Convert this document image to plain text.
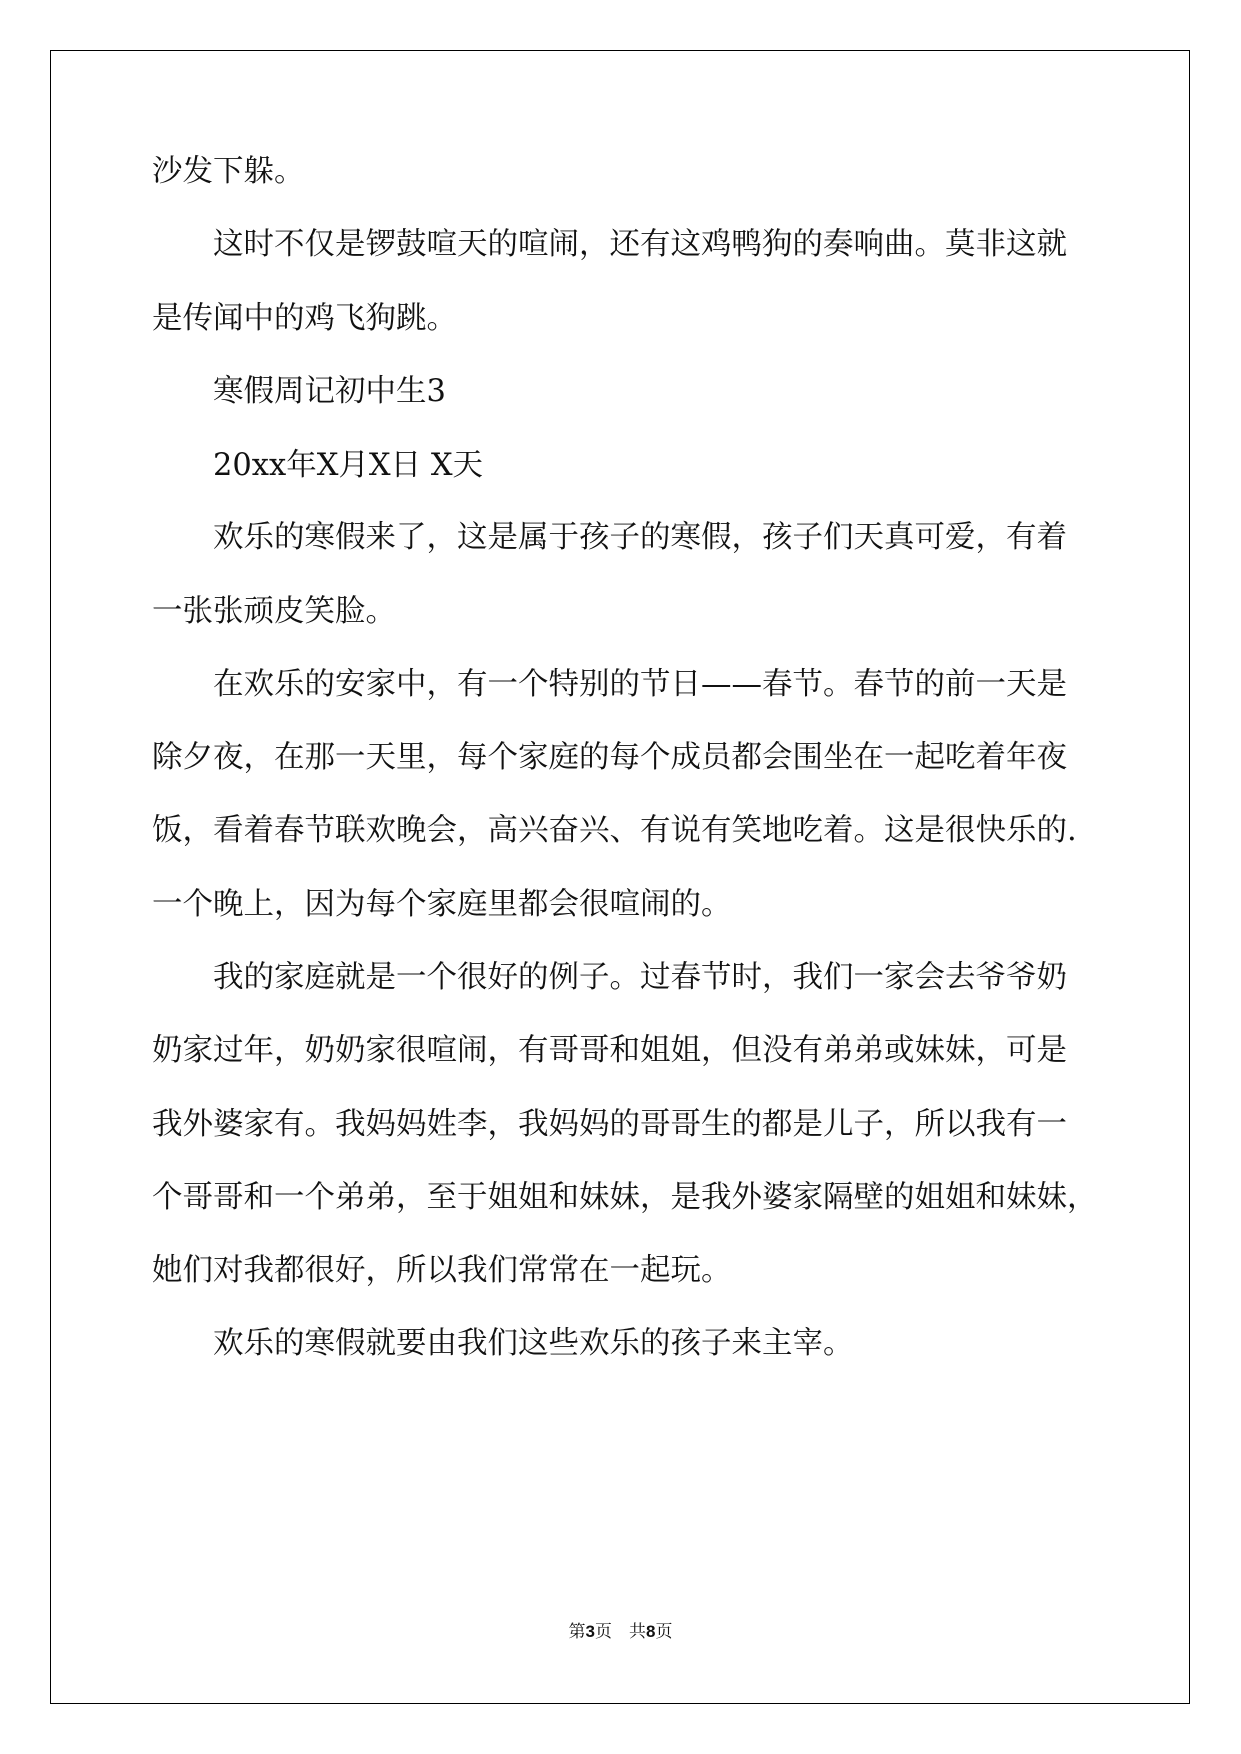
沙发下躲。
这时不仅是锣鼓喧天的喧闹，还有这鸡鸭狗的奏响曲。莫非这就
是传闻中的鸡飞狗跳。
寒假周记初中生3
20xx年X月X日 X天
欢乐的寒假来了，这是属于孩子的寒假，孩子们天真可爱，有着
一张张顽皮笑脸。
在欢乐的安家中，有一个特别的节日——春节。春节的前一天是
除夕夜，在那一天里，每个家庭的每个成员都会围坐在一起吃着年夜
饭，看着春节联欢晚会，高兴奋兴、有说有笑地吃着。这是很快乐的.
一个晚上，因为每个家庭里都会很喧闹的。
我的家庭就是一个很好的例子。过春节时，我们一家会去爷爷奶
奶家过年，奶奶家很喧闹，有哥哥和姐姐，但没有弟弟或妹妹，可是
我外婆家有。我妈妈姓李，我妈妈的哥哥生的都是儿子，所以我有一
个哥哥和一个弟弟，至于姐姐和妹妹，是我外婆家隔壁的姐姐和妹妹，
她们对我都很好，所以我们常常在一起玩。
欢乐的寒假就要由我们这些欢乐的孩子来主宰。
第3页　共8页
